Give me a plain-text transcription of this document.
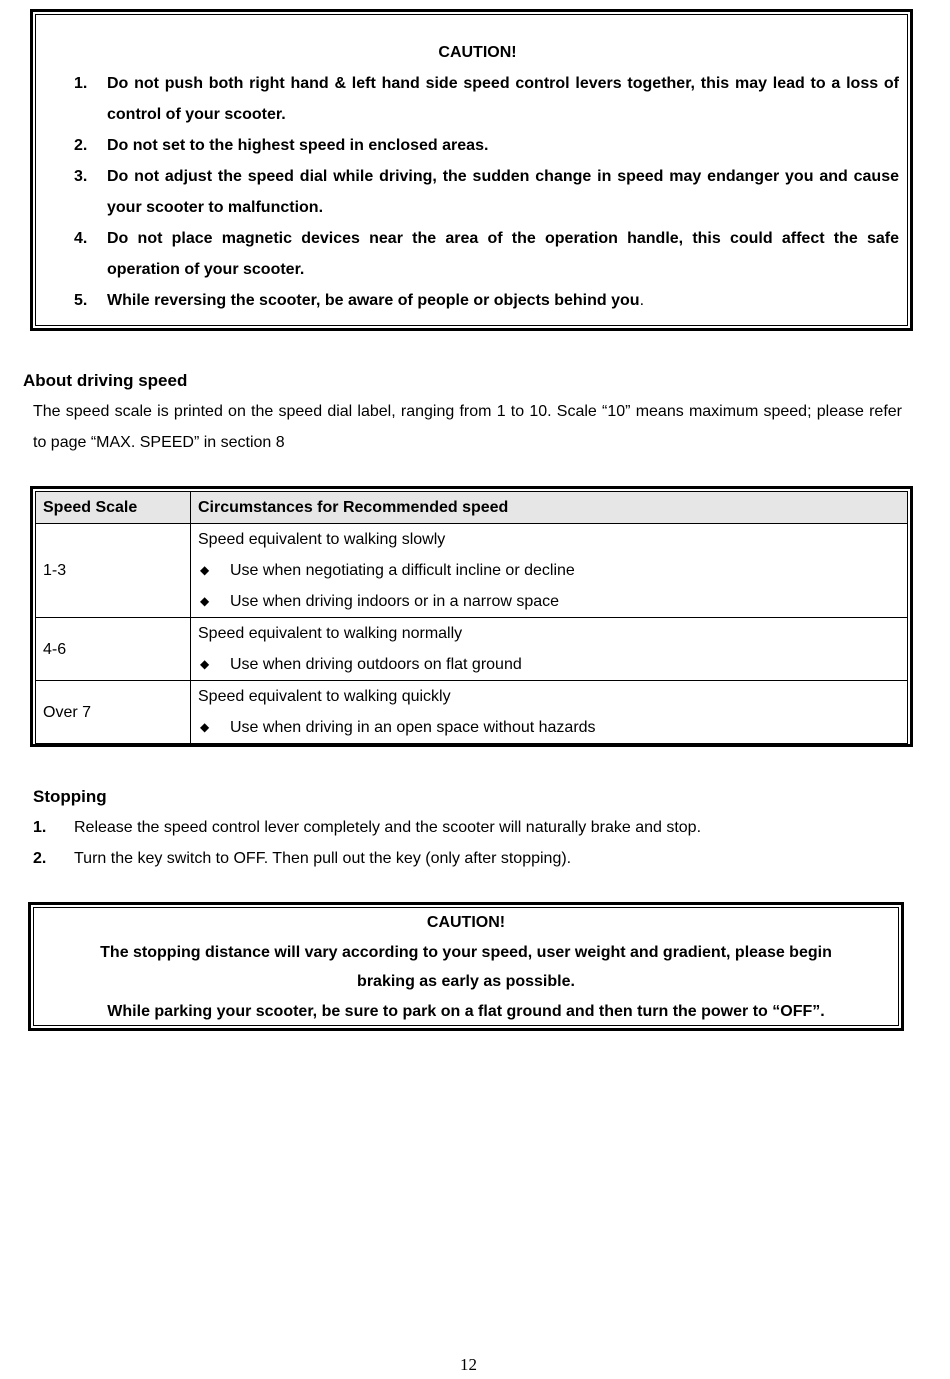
CAUTION!
1. Do not push both right hand & left hand side speed control levers together, this may lead to a loss of control of your scooter.
2. Do not set to the highest speed in enclosed areas.
3. Do not adjust the speed dial while driving, the sudden change in speed may endanger you and cause your scooter to malfunction.
4. Do not place magnetic devices near the area of the operation handle, this could affect the safe operation of your scooter.
5. While reversing the scooter, be aware of people or objects behind you.
About driving speed
The speed scale is printed on the speed dial label, ranging from 1 to 10. Scale “10” means maximum speed; please refer to page “MAX. SPEED” in section 8
Speed Scale	Circumstances for Recommended speed
1-3	Speed equivalent to walking slowly
◆ Use when negotiating a difficult incline or decline
◆ Use when driving indoors or in a narrow space

4-6	Speed equivalent to walking normally
◆ Use when driving outdoors on flat ground

Over 7	Speed equivalent to walking quickly
◆ Use when driving in an open space without hazards
Stopping
1. Release the speed control lever completely and the scooter will naturally brake and stop.
2. Turn the key switch to OFF. Then pull out the key (only after stopping).
CAUTION!
The stopping distance will vary according to your speed, user weight and gradient, please begin braking as early as possible.
While parking your scooter, be sure to park on a flat ground and then turn the power to “OFF”.
12
